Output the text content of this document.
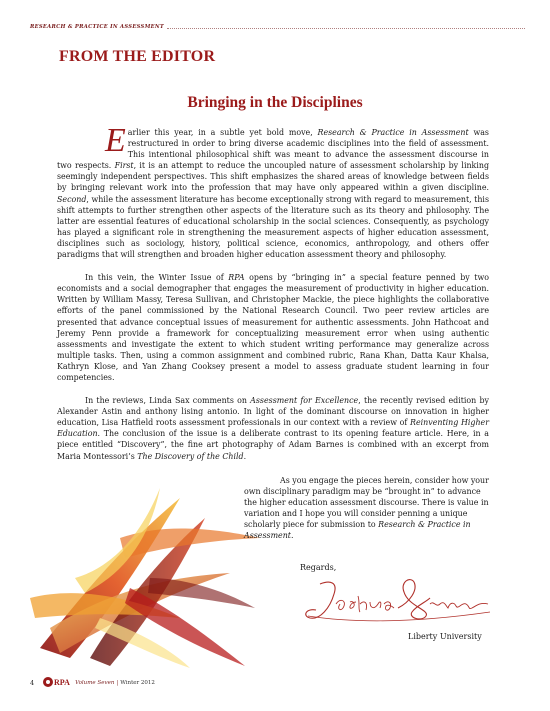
RESEARCH & PRACTICE IN ASSESSMENT
FROM THE EDITOR
Bringing in the Disciplines

Earlier this year, in a subtle yet bold move, Research & Practice in Assessment was restructured in order to bring diverse academic disciplines into the field of assessment. This intentional philosophical shift was meant to advance the assessment discourse in two respects. First, it is an attempt to reduce the uncoupled nature of assessment scholarship by linking seemingly independent perspectives. This shift emphasizes the shared areas of knowledge between fields by bringing relevant work into the profession that may have only appeared within a given discipline. Second, while the assessment literature has become exceptionally strong with regard to measurement, this shift attempts to further strengthen other aspects of the literature such as its theory and philosophy. The latter are essential features of educational scholarship in the social sciences. Consequently, as psychology has played a significant role in strengthening the measurement aspects of higher education assessment, disciplines such as sociology, history, political science, economics, anthropology, and others offer paradigms that will strengthen and broaden higher education assessment theory and philosophy.

In this vein, the Winter Issue of RPA opens by “bringing in” a special feature penned by two economists and a social demographer that engages the measurement of productivity in higher education. Written by William Massy, Teresa Sullivan, and Christopher Mackie, the piece highlights the collaborative efforts of the panel commissioned by the National Research Council. Two peer review articles are presented that advance conceptual issues of measurement for authentic assessments. John Hathcoat and Jeremy Penn provide a framework for conceptualizing measurement error when using authentic assessments and investigate the extent to which student writing performance may generalize across multiple tasks. Then, using a common assignment and combined rubric, Rana Khan, Datta Kaur Khalsa, Kathryn Klose, and Yan Zhang Cooksey present a model to assess graduate student learning in four competencies.

In the reviews, Linda Sax comments on Assessment for Excellence, the recently revised edition by Alexander Astin and anthony lising antonio. In light of the dominant discourse on innovation in higher education, Lisa Hatfield roots assessment professionals in our context with a review of Reinventing Higher Education. The conclusion of the issue is a deliberate contrast to its opening feature article. Here, in a piece entitled “Discovery”, the fine art photography of Adam Barnes is combined with an excerpt from Maria Montessori’s The Discovery of the Child.

As you engage the pieces herein, consider how your own disciplinary paradigm may be “brought in” to advance the higher education assessment discourse. There is value in variation and I hope you will consider penning a unique scholarly piece for submission to Research & Practice in Assessment.

Regards,
Liberty University
4	RPA Volume Seven | Winter 2012
